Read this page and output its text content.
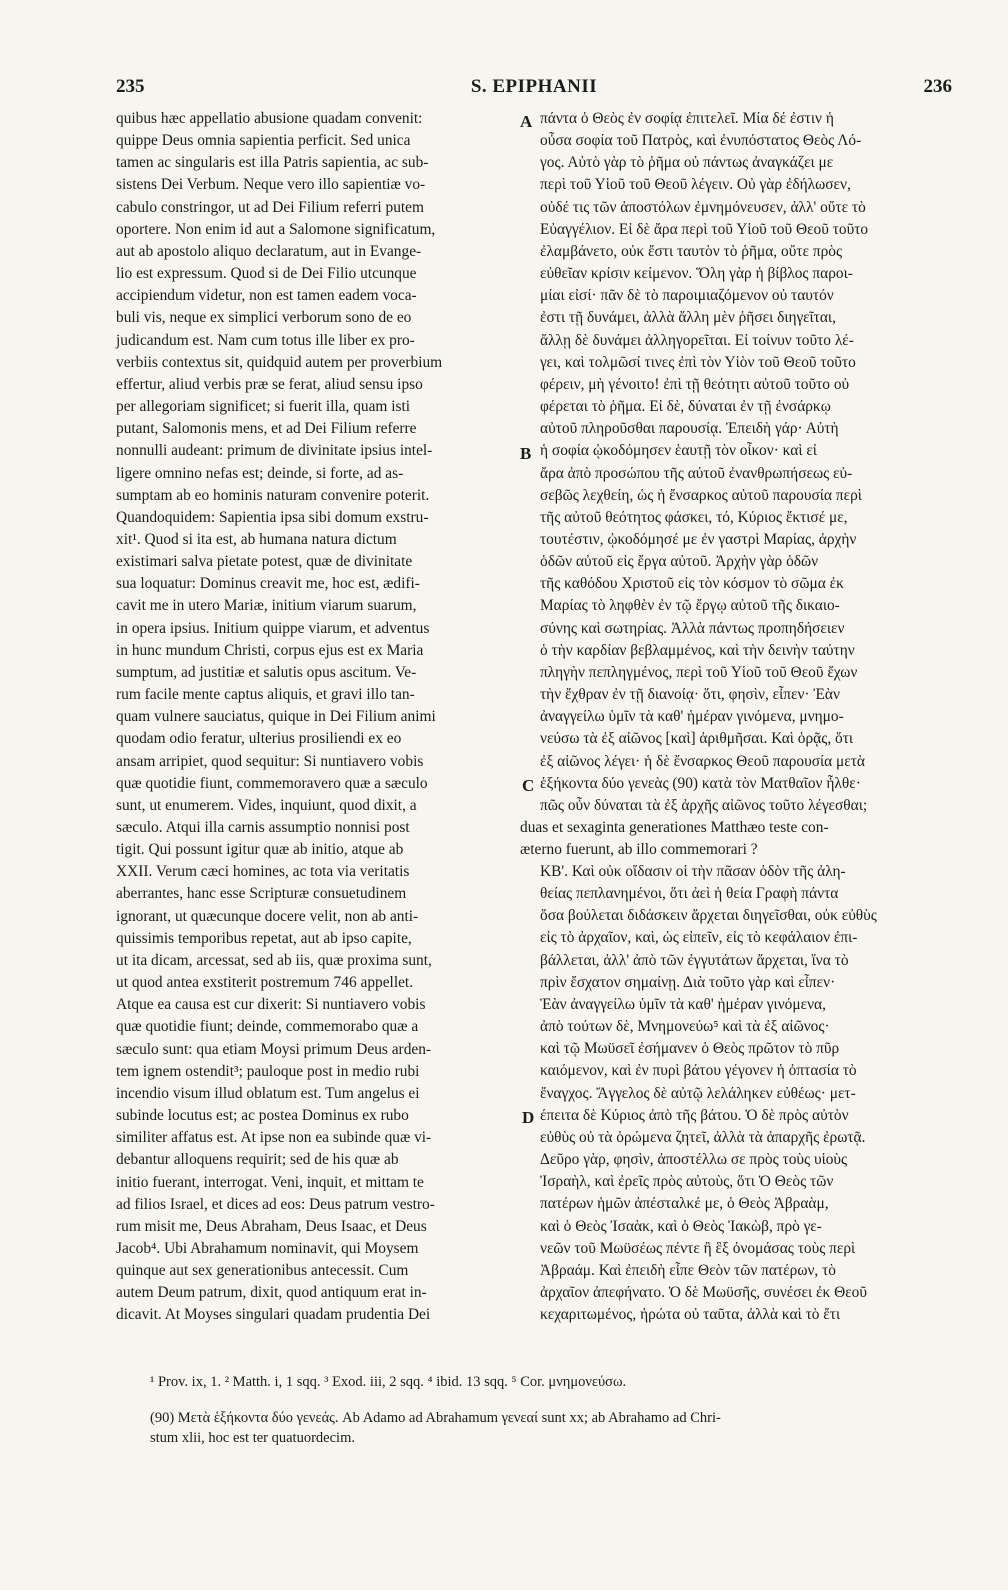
235	S. EPIPHANII	236

quibus hæc appellatio abusione quadam convenit:

quippe Deus omnia sapientia perficit. Sed unica

tamen ac singularis est illa Patris sapientia, ac sub-

sistens Dei Verbum. Neque vero illo sapientiæ vo-

cabulo constringor, ut ad Dei Filium referri putem

oportere. Non enim id aut a Salomone significatum,

aut ab apostolo aliquo declaratum, aut in Evange-

lio est expressum. Quod si de Dei Filio utcunque

accipiendum videtur, non est tamen eadem voca-

buli vis, neque ex simplici verborum sono de eo

judicandum est. Nam cum totus ille liber ex pro-

verbiis contextus sit, quidquid autem per proverbium

effertur, aliud verbis præ se ferat, aliud sensu ipso

per allegoriam significet; si fuerit illa, quam isti

putant, Salomonis mens, et ad Dei Filium referre

nonnulli audeant: primum de divinitate ipsius intel-

ligere omnino nefas est; deinde, si forte, ad as-

sumptam ab eo hominis naturam convenire poterit.

Quandoquidem: Sapientia ipsa sibi domum exstru-

xit¹. Quod si ita est, ab humana natura dictum

existimari salva pietate potest, quæ de divinitate

sua loquatur: Dominus creavit me, hoc est, ædifi-

cavit me in utero Mariæ, initium viarum suarum,

in opera ipsius. Initium quippe viarum, et adventus

in hunc mundum Christi, corpus ejus est ex Maria

sumptum, ad justitiæ et salutis opus ascitum. Ve-

rum facile mente captus aliquis, et gravi illo tan-

quam vulnere sauciatus, quique in Dei Filium animi

quodam odio feratur, ulterius prosiliendi ex eo

ansam arripiet, quod sequitur: Si nuntiavero vobis

quæ quotidie fiunt, commemoravero quæ a sæculo

sunt, ut enumerem. Vides, inquiunt, quod dixit, a

sæculo. Atqui illa carnis assumptio nonnisi post

tigit. Qui possunt igitur quæ ab initio, atque ab

XXII. Verum cæci homines, ac tota via veritatis

aberrantes, hanc esse Scripturæ consuetudinem

ignorant, ut quæcunque docere velit, non ab anti-

quissimis temporibus repetat, aut ab ipso capite,

ut ita dicam, arcessat, sed ab iis, quæ proxima sunt,

ut quod antea exstiterit postremum 746 appellet.

Atque ea causa est cur dixerit: Si nuntiavero vobis

quæ quotidie fiunt; deinde, commemorabo quæ a

sæculo sunt: qua etiam Moysi primum Deus arden-

tem ignem ostendit³; pauloque post in medio rubi

incendio visum illud oblatum est. Tum angelus ei

subinde locutus est; ac postea Dominus ex rubo

similiter affatus est. At ipse non ea subinde quæ vi-

debantur alloquens requirit; sed de his quæ ab

initio fuerant, interrogat. Veni, inquit, et mittam te

ad filios Israel, et dices ad eos: Deus patrum vestro-

rum misit me, Deus Abraham, Deus Isaac, et Deus

Jacob⁴. Ubi Abrahamum nominavit, qui Moysem

quinque aut sex generationibus antecessit. Cum

autem Deum patrum, dixit, quod antiquum erat in-

dicavit. At Moyses singulari quadam prudentia Dei

πάντα ὁ Θεὸς ἐν σοφίᾳ ἐπιτελεῖ. Μία δέ ἐστιν ἡ

οὖσα σοφία τοῦ Πατρὸς, καὶ ἐνυπόστατος Θεὸς Λό-

γος. Αὐτὸ γὰρ τὸ ῥῆμα οὐ πάντως ἀναγκάζει με

περὶ τοῦ Υἱοῦ τοῦ Θεοῦ λέγειν. Οὐ γὰρ ἐδήλωσεν,

οὐδέ τις τῶν ἀποστόλων ἐμνημόνευσεν, ἀλλ' οὔτε τὸ

Εὐαγγέλιον. Εἰ δὲ ἄρα περὶ τοῦ Υἱοῦ τοῦ Θεοῦ τοῦτο

ἐλαμβάνετο, οὐκ ἔστι ταυτὸν τὸ ῥῆμα, οὔτε πρὸς

εὐθεῖαν κρίσιν κείμενον. Ὅλη γὰρ ἡ βίβλος παροι-

μίαι εἰσί· πᾶν δὲ τὸ παροιμιαζόμενον οὐ ταυτόν

ἐστι τῇ δυνάμει, ἀλλὰ ἄλλη μὲν ῥῆσει διηγεῖται,

ἄλλῃ δὲ δυνάμει ἀλληγορεῖται. Εἰ τοίνυν τοῦτο λέ-

γει, καὶ τολμῶσί τινες ἐπὶ τὸν Υἱὸν τοῦ Θεοῦ τοῦτο

φέρειν, μὴ γένοιτο! ἐπὶ τῇ θεότητι αὐτοῦ τοῦτο οὐ

φέρεται τὸ ῥῆμα. Εἰ δὲ, δύναται ἐν τῇ ἐνσάρκῳ

αὐτοῦ πληροῦσθαι παρουσίᾳ. Ἐπειδὴ γάρ· Αὐτὴ

ἡ σοφία ᾠκοδόμησεν ἑαυτῇ τὸν οἶκον· καὶ εἰ

ἄρα ἀπὸ προσώπου τῆς αὐτοῦ ἐνανθρωπήσεως εὐ-

σεβῶς λεχθείη, ὡς ἡ ἔνσαρκος αὐτοῦ παρουσία περὶ

τῆς αὐτοῦ θεότητος φάσκει, τό, Κύριος ἔκτισέ με,

τουτέστιν, ᾠκοδόμησέ με ἐν γαστρὶ Μαρίας, ἀρχὴν

ὁδῶν αὐτοῦ εἰς ἔργα αὐτοῦ. Ἀρχὴν γὰρ ὁδῶν

τῆς καθόδου Χριστοῦ εἰς τὸν κόσμον τὸ σῶμα ἐκ

Μαρίας τὸ ληφθὲν ἐν τῷ ἔργῳ αὐτοῦ τῆς δικαιο-

σύνης καὶ σωτηρίας. Ἀλλὰ πάντως προπηδήσειεν

ὁ τὴν καρδίαν βεβλαμμένος, καὶ τὴν δεινὴν ταύτην

πληγὴν πεπληγμένος, περὶ τοῦ Υἱοῦ τοῦ Θεοῦ ἔχων

τὴν ἔχθραν ἐν τῇ διανοίᾳ· ὅτι, φησὶν, εἶπεν· Ἐὰν

ἀναγγείλω ὑμῖν τὰ καθ' ἡμέραν γινόμενα, μνημο-

νεύσω τὰ ἐξ αἰῶνος [καὶ] ἀριθμῆσαι. Καὶ ὁρᾷς, ὅτι

ἐξ αἰῶνος λέγει· ἡ δὲ ἔνσαρκος Θεοῦ παρουσία μετὰ

ἑξήκοντα δύο γενεὰς (90) κατὰ τὸν Ματθαῖον ἦλθε·

πῶς οὖν δύναται τὰ ἐξ ἀρχῆς αἰῶνος τοῦτο λέγεσθαι;

ΚΒ'. Καὶ οὐκ οἴδασιν οἱ τὴν πᾶσαν ὁδὸν τῆς ἀλη-

θείας πεπλανημένοι, ὅτι ἀεὶ ἡ θεία Γραφὴ πάντα

ὅσα βούλεται διδάσκειν ἄρχεται διηγεῖσθαι, οὐκ εὐθὺς

εἰς τὸ ἀρχαῖον, καὶ, ὡς εἰπεῖν, εἰς τὸ κεφάλαιον ἐπι-

βάλλεται, ἀλλ' ἀπὸ τῶν ἐγγυτάτων ἄρχεται, ἵνα τὸ

πρὶν ἔσχατον σημαίνῃ. Διὰ τοῦτο γὰρ καὶ εἶπεν·

Ἐὰν ἀναγγείλω ὑμῖν τὰ καθ' ἡμέραν γινόμενα,

ἀπὸ τούτων δὲ, Μνημονεύω⁵ καὶ τὰ ἐξ αἰῶνος·

καὶ τῷ Μωϋσεῖ ἐσήμανεν ὁ Θεὸς πρῶτον τὸ πῦρ

καιόμενον, καὶ ἐν πυρὶ βάτου γέγονεν ἡ ὀπτασία τὸ

ἔναγχος. Ἄγγελος δὲ αὐτῷ λελάληκεν εὐθέως· μετ-

έπειτα δὲ Κύριος ἀπὸ τῆς βάτου. Ὁ δὲ πρὸς αὐτὸν

εὐθὺς οὐ τὰ ὁρώμενα ζητεῖ, ἀλλὰ τὰ ἀπαρχῆς ἐρωτᾷ.

Δεῦρο γὰρ, φησὶν, ἀποστέλλω σε πρὸς τοὺς υἱοὺς

Ἰσραὴλ, καὶ ἐρεῖς πρὸς αὐτοὺς, ὅτι Ὁ Θεὸς τῶν

πατέρων ἡμῶν ἀπέσταλκέ με, ὁ Θεὸς Ἀβραὰμ,

καὶ ὁ Θεὸς Ἰσαὰκ, καὶ ὁ Θεὸς Ἰακὼβ, πρὸ γε-

νεῶν τοῦ Μωϋσέως πέντε ἢ ἓξ ὀνομάσας τοὺς περὶ

Ἀβραάμ. Καὶ ἐπειδὴ εἶπε Θεὸν τῶν πατέρων, τὸ

ἀρχαῖον ἀπεφήνατο. Ὁ δὲ Μωϋσῆς, συνέσει ἐκ Θεοῦ

κεχαριτωμένος, ἠρώτα οὐ ταῦτα, ἀλλὰ καὶ τὸ ἔτι

A
B
C
D
¹ Prov. ix, 1. ² Matth. i, 1 sqq. ³ Exod. iii, 2 sqq. ⁴ ibid. 13 sqq. ⁵ Cor. μνημονεύσω.
(90) Μετὰ ἑξήκοντα δύο γενεάς. Ab Adamo ad Abrahamum γενεαί sunt xx; ab Abrahamo ad Chri-
stum xlii, hoc est ter quatuordecim.
duas et sexaginta generationes Matthæo teste con-
æterno fuerunt, ab illo commemorari ?
